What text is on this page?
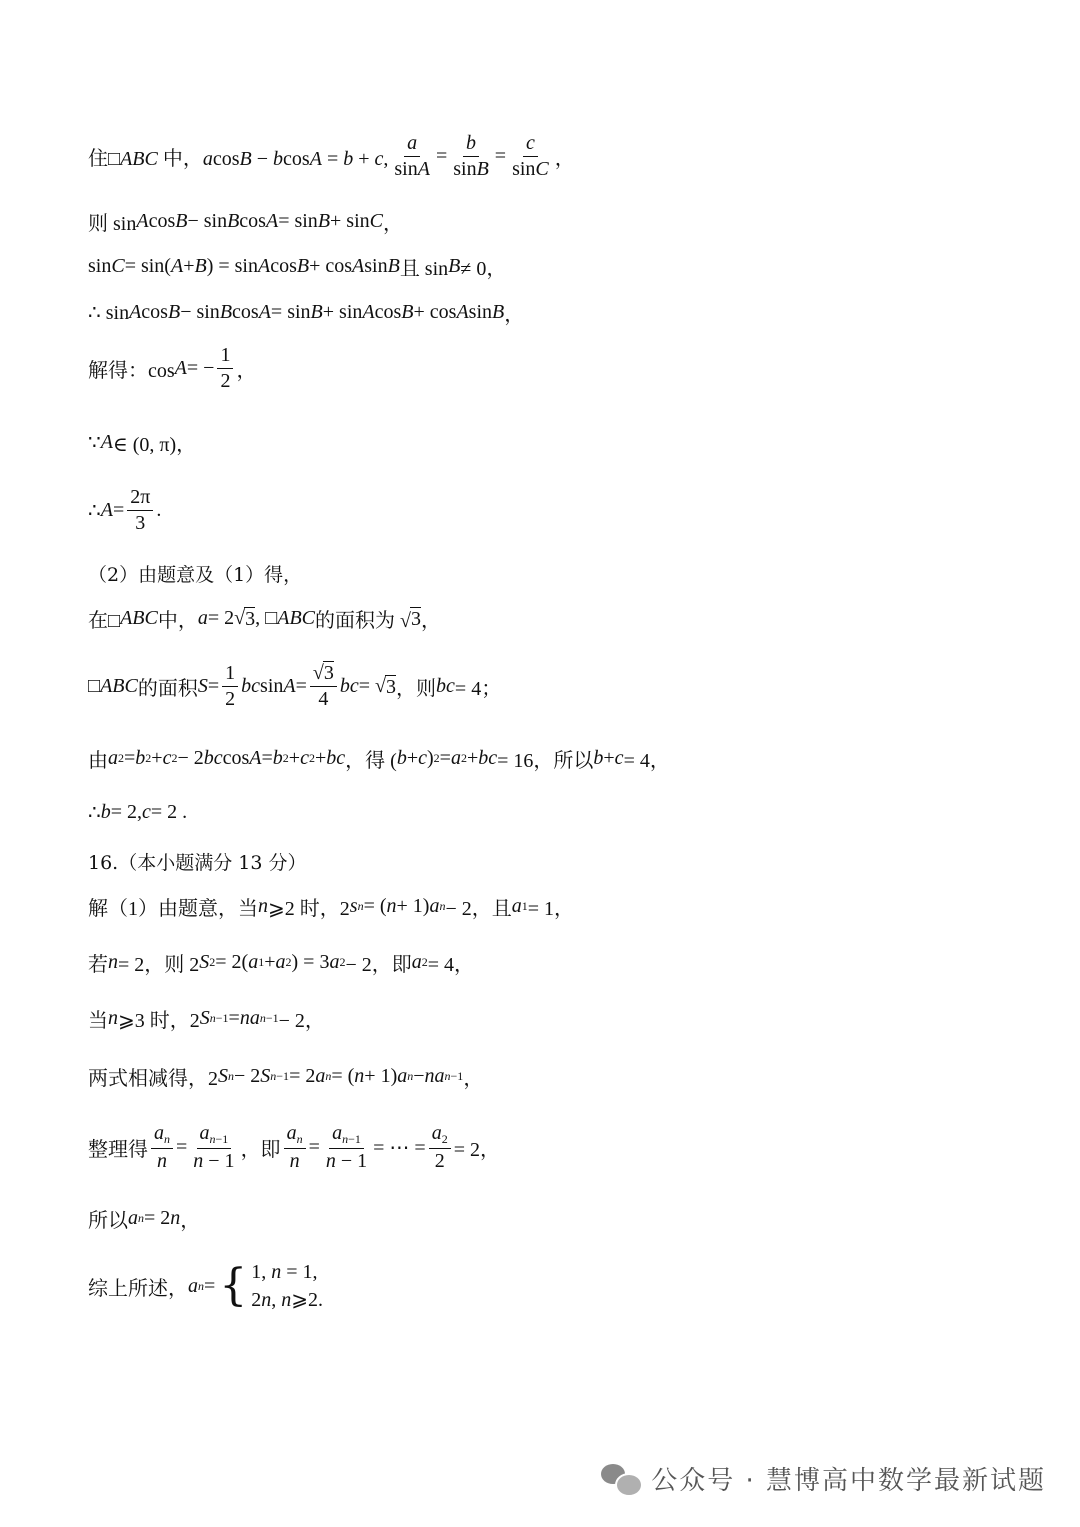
住□ABC 中，acosB − bcosA = b + c, $\frac{a}{\sin A} = \frac{b}{\sin B} = \frac{c}{\sin C}$ ，
则 sin A cos B − sin B cos A = sin B + sin C ，
sin C = sin( A + B ) = sin A cos B + cos A sin B 且 sin B ≠ 0，
∴ sin A cos B − sin B cos A = sin B + sin A cos B + cos A sin B ，
解得：cos A = − $\frac{1}{2}$ ，
∵ A ∈ (0, π)，
∴ $A = \frac{2\pi}{3}$ .
（2）由题意及（1）得，
在□ ABC 中， a = 2√ 3 , □ ABC 的面积为 √ 3 ，
□ ABC 的面积 $S = \frac{1}{2}$ bc $\sin A = \frac{√3}{4}$ bc = √ 3 ，则 bc = 4；
由 a 2 = b 2 + c 2 − 2 bc cos A = b 2 + c 2 + bc ，得 ( b + c ) 2 = a 2 + bc = 16，所以 b + c = 4，
∴ b = 2, c = 2 .
16.（本小题满分 13 分）
解（1）由题意，当 n ⩾2 时，2 s n = ( n + 1) a n − 2，且 a 1 = 1，
若 n = 2，则 2 S 2 = 2( a 1 + a 2 ) = 3 a 2 − 2，即 a 2 = 4，
当 n ⩾3 时，2 S n−1 = na n−1 − 2，
两式相减得，2 S n − 2 S n−1 = 2 a n = ( n + 1) a n − na n−1 ，
整理得 $\frac{a_n}{n} = \frac{a_{n-1}}{n - 1}$ ，即 $\frac{a_n}{n} = \frac{a_{n-1}}{n - 1}$ = ⋯ = $\frac{a_2}{2} = 2$，
所以 a n = 2 n ，
综上所述， a n = { 1, n = 1,
2n, n⩾2.
公众号 · 慧博高中数学最新试题
